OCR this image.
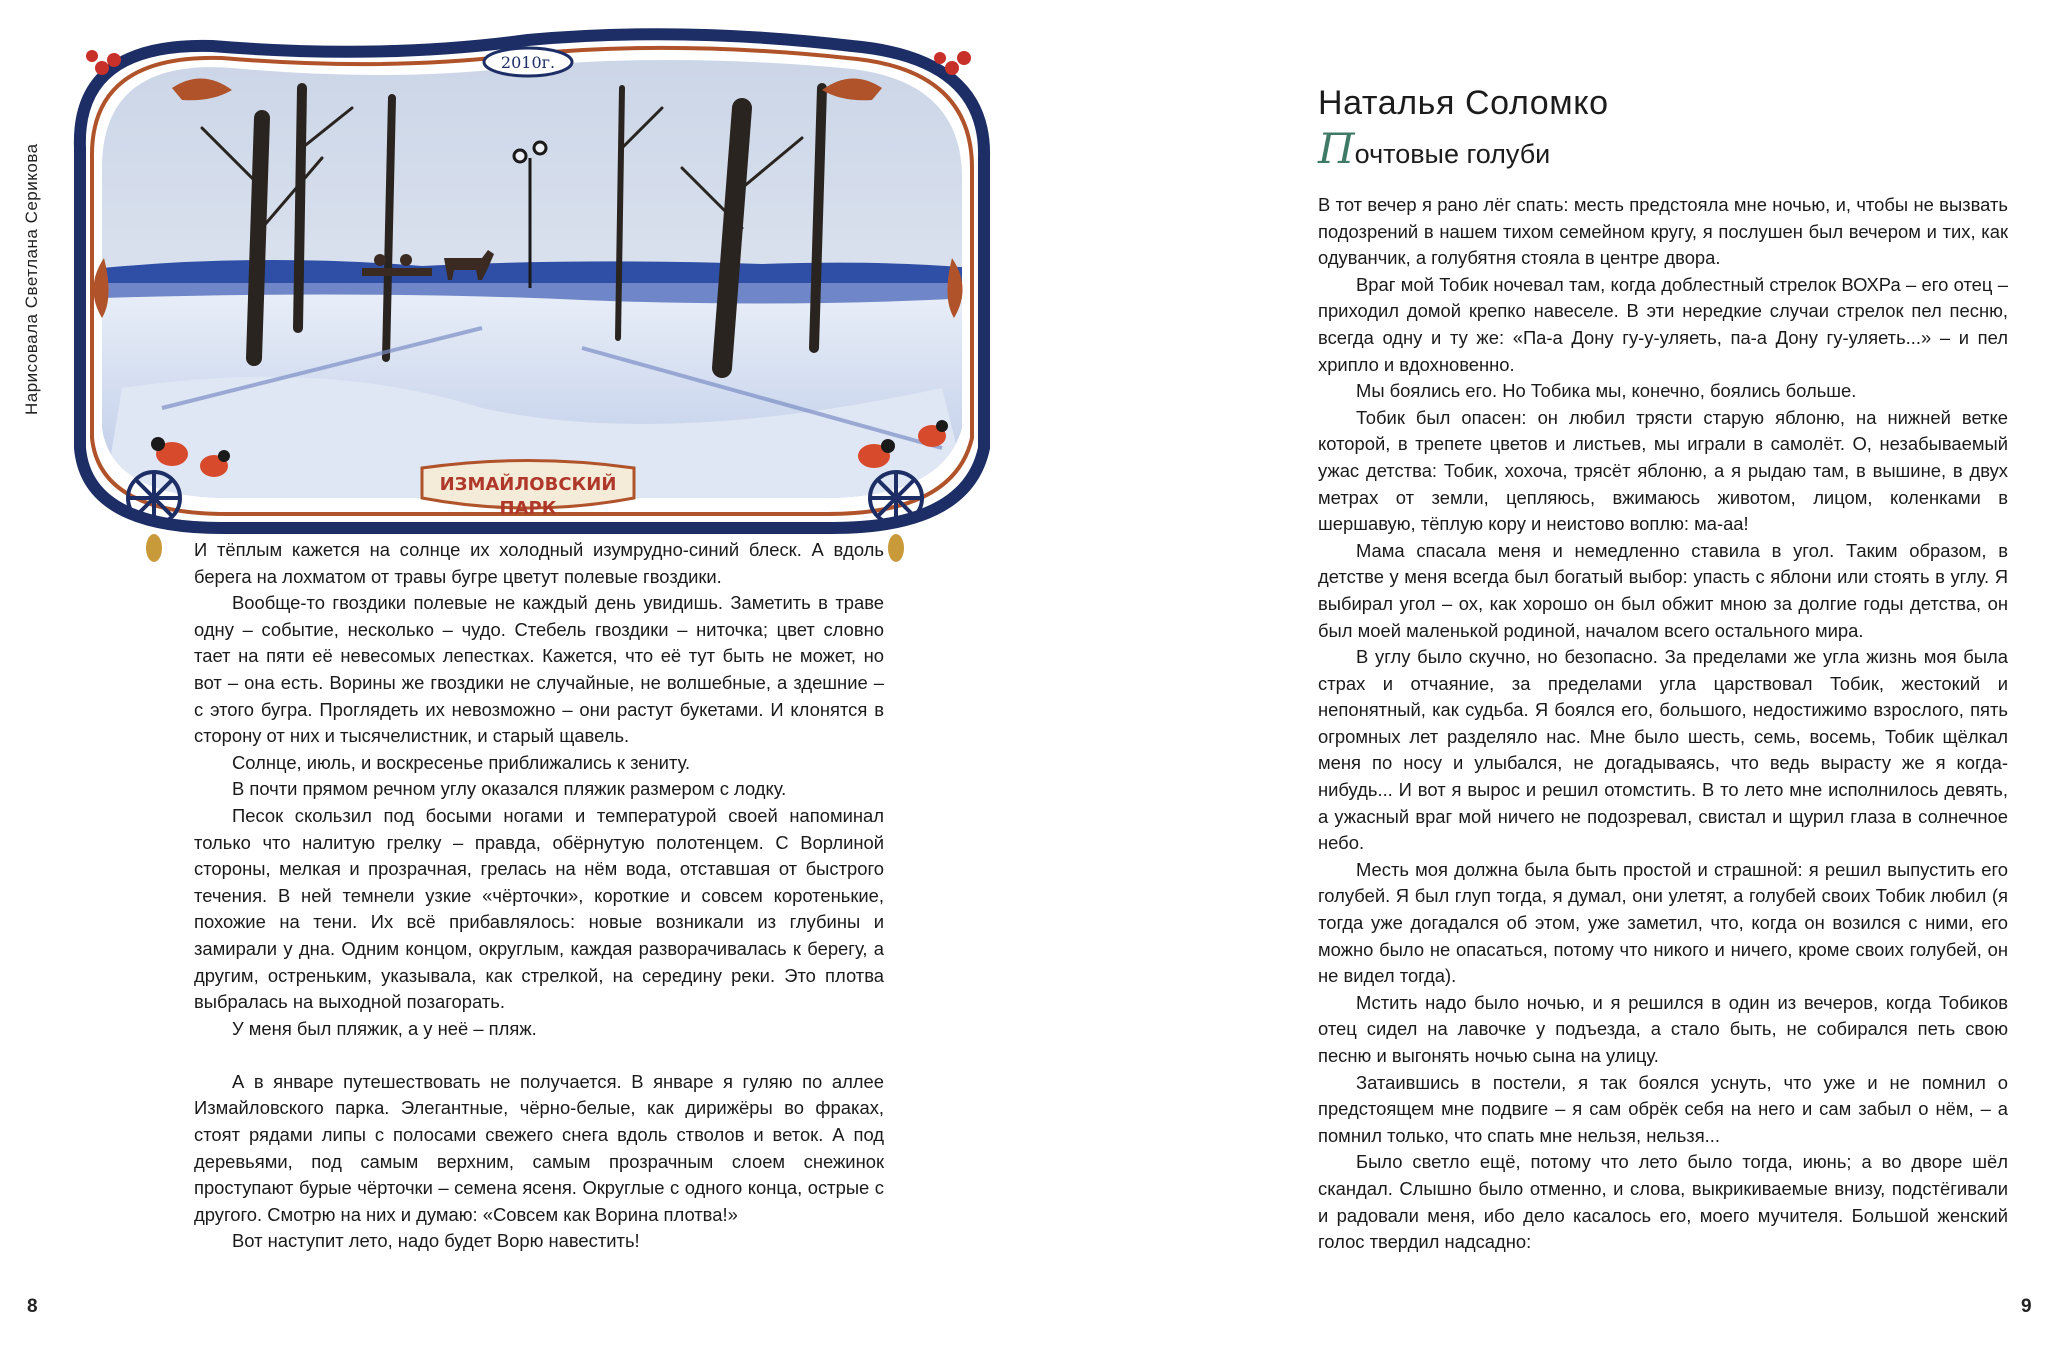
Нарисовала Светлана Серикова
2010г.
ИЗМАЙЛОВСКИЙ
ПАРК

И тёплым кажется на солнце их холодный изумрудно-синий блеск. А вдоль берега на лохматом от травы бугре цветут полевые гвоздики.

Вообще-то гвоздики полевые не каждый день увидишь. Заметить в траве одну – событие, несколько – чудо. Стебель гвоздики – ниточка; цвет словно тает на пяти её невесомых лепестках. Кажется, что её тут быть не может, но вот – она есть. Ворины же гвоздики не случайные, не волшебные, а здешние – с этого бугра. Проглядеть их невозможно – они растут букетами. И клонятся в сторону от них и тысячелистник, и старый щавель.

Солнце, июль, и воскресенье приближались к зениту.

В почти прямом речном углу оказался пляжик размером с лодку.

Песок скользил под босыми ногами и температурой своей напоминал только что налитую грелку – правда, обёрнутую полотенцем. С Ворлиной стороны, мелкая и прозрачная, грелась на нём вода, отставшая от быстрого течения. В ней темнели узкие «чёрточки», короткие и совсем коротенькие, похожие на тени. Их всё прибавлялось: новые возникали из глубины и замирали у дна. Одним концом, округлым, каждая разворачивалась к берегу, а другим, остреньким, указывала, как стрелкой, на середину реки. Это плотва выбралась на выходной позагорать.

У меня был пляжик, а у неё – пляж.

А в январе путешествовать не получается. В январе я гуляю по аллее Измайловского парка. Элегантные, чёрно-белые, как дирижёры во фраках, стоят рядами липы с полосами свежего снега вдоль стволов и веток. А под деревьями, под самым верхним, самым прозрачным слоем снежинок проступают бурые чёрточки – семена ясеня. Округлые с одного конца, острые с другого. Смотрю на них и думаю: «Совсем как Ворина плотва!»

Вот наступит лето, надо будет Ворю навестить!

8
Наталья Соломко
Почтовые голуби

В тот вечер я рано лёг спать: месть предстояла мне ночью, и, чтобы не вызвать подозрений в нашем тихом семейном кругу, я послушен был вечером и тих, как одуванчик, а голубятня стояла в центре двора.

Враг мой Тобик ночевал там, когда доблестный стрелок ВОХРа – его отец – приходил домой крепко навеселе. В эти нередкие случаи стрелок пел песню, всегда одну и ту же: «Па-а Дону гу-у-уляеть, па-а Дону гу-уляеть...» – и пел хрипло и вдохновенно.

Мы боялись его. Но Тобика мы, конечно, боялись больше.

Тобик был опасен: он любил трясти старую яблоню, на нижней ветке которой, в трепете цветов и листьев, мы играли в самолёт. О, незабываемый ужас детства: Тобик, хохоча, трясёт яблоню, а я рыдаю там, в вышине, в двух метрах от земли, цепляюсь, вжимаюсь животом, лицом, коленками в шершавую, тёплую кору и неистово воплю: ма-аа!

Мама спасала меня и немедленно ставила в угол. Таким образом, в детстве у меня всегда был богатый выбор: упасть с яблони или стоять в углу. Я выбирал угол – ох, как хорошо он был обжит мною за долгие годы детства, он был моей маленькой родиной, началом всего остального мира.

В углу было скучно, но безопасно. За пределами же угла жизнь моя была страх и отчаяние, за пределами угла царствовал Тобик, жестокий и непонятный, как судьба. Я боялся его, большого, недостижимо взрослого, пять огромных лет разделяло нас. Мне было шесть, семь, восемь, Тобик щёлкал меня по носу и улыбался, не догадываясь, что ведь вырасту же я когда-нибудь... И вот я вырос и решил отомстить. В то лето мне исполнилось девять, а ужасный враг мой ничего не подозревал, свистал и щурил глаза в солнечное небо.

Месть моя должна была быть простой и страшной: я решил выпустить его голубей. Я был глуп тогда, я думал, они улетят, а голубей своих Тобик любил (я тогда уже догадался об этом, уже заметил, что, когда он возился с ними, его можно было не опасаться, потому что никого и ничего, кроме своих голубей, он не видел тогда).

Мстить надо было ночью, и я решился в один из вечеров, когда Тобиков отец сидел на лавочке у подъезда, а стало быть, не собирался петь свою песню и выгонять ночью сына на улицу.

Затаившись в постели, я так боялся уснуть, что уже и не помнил о предстоящем мне подвиге – я сам обрёк себя на него и сам забыл о нём, – а помнил только, что спать мне нельзя, нельзя...

Было светло ещё, потому что лето было тогда, июнь; а во дворе шёл скандал. Слышно было отменно, и слова, выкрикиваемые внизу, подстёгивали и радовали меня, ибо дело касалось его, моего мучителя. Большой женский голос твердил надсадно:

9
